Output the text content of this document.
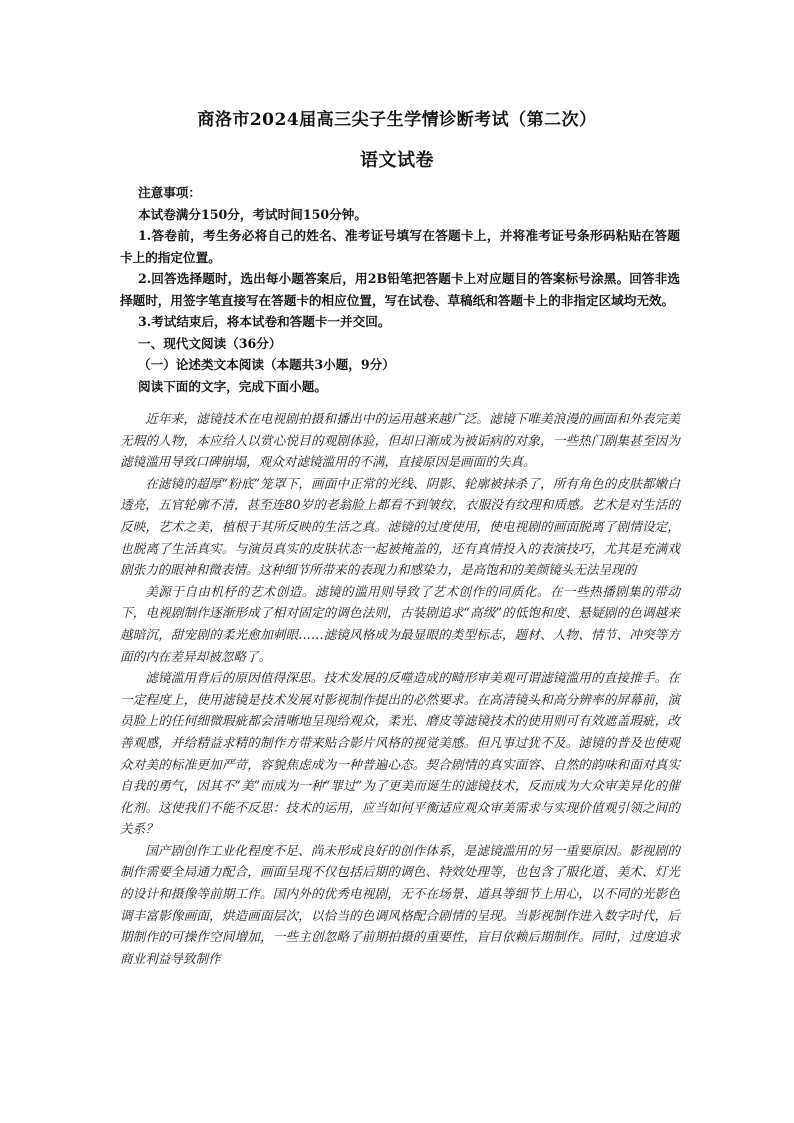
商洛市2024届高三尖子生学情诊断考试（第二次）
语文试卷

注意事项：

本试卷满分150分，考试时间150分钟。

1.答卷前，考生务必将自己的姓名、准考证号填写在答题卡上，并将准考证号条形码粘贴在答题卡上的指定位置。

2.回答选择题时，选出每小题答案后，用2B铅笔把答题卡上对应题目的答案标号涂黑。回答非选择题时，用签字笔直接写在答题卡的相应位置，写在试卷、草稿纸和答题卡上的非指定区域均无效。

3.考试结束后，将本试卷和答题卡一并交回。

一、现代文阅读（36分）

（一）论述类文本阅读（本题共3小题，9分）

阅读下面的文字，完成下面小题。

近年来，滤镜技术在电视剧拍摄和播出中的运用越来越广泛。滤镜下唯美浪漫的画面和外表完美无瑕的人物，本应给人以赏心悦目的观剧体验，但却日渐成为被诟病的对象，一些热门剧集甚至因为滤镜滥用导致口碑崩塌，观众对滤镜滥用的不满，直接原因是画面的失真。

在滤镜的超厚“粉底”笼罩下，画面中正常的光线、阴影、轮廓被抹杀了，所有角色的皮肤都嫩白透亮，五官轮廓不清，甚至连80岁的老翁脸上都看不到皱纹，衣服没有纹理和质感。艺术是对生活的反映，艺术之美，植根于其所反映的生活之真。滤镜的过度使用，使电视剧的画面脱离了剧情设定，也脱离了生活真实。与演员真实的皮肤状态一起被掩盖的，还有真情投入的表演技巧，尤其是充满戏剧张力的眼神和微表情。这种细节所带来的表现力和感染力，是高饱和的美颜镜头无法呈现的

美源于自由机杼的艺术创造。滤镜的滥用则导致了艺术创作的同质化。在一些热播剧集的带动下，电视剧制作逐渐形成了相对固定的调色法则，古装剧追求“高级”的低饱和度、悬疑剧的色调越来越暗沉，甜宠剧的柔光愈加刺眼……滤镜风格成为最显眼的类型标志，题材、人物、情节、冲突等方面的内在差异却被忽略了。

滤镜滥用背后的原因值得深思。技术发展的反噬造成的畸形审美观可谓滤镜滥用的直接推手。在一定程度上，使用滤镜是技术发展对影视制作提出的必然要求。在高清镜头和高分辨率的屏幕前，演员脸上的任何细微瑕疵都会清晰地呈现给观众，柔光、磨皮等滤镜技术的使用则可有效遮盖瑕疵，改善观感，并给精益求精的制作方带来贴合影片风格的视觉美感。但凡事过犹不及。滤镜的普及也使观众对美的标准更加严苛，容貌焦虑成为一种普遍心态。契合剧情的真实面容、自然的韵味和面对真实自我的勇气，因其不“美”而成为一种“罪过”为了更美而诞生的滤镜技术，反而成为大众审美异化的催化剂。这使我们不能不反思：技术的运用，应当如何平衡适应观众审美需求与实现价值观引领之间的关系？

国产剧创作工业化程度不足、尚未形成良好的创作体系，是滤镜滥用的另一重要原因。影视剧的制作需要全局通力配合，画面呈现不仅包括后期的调色、特效处理等，也包含了服化道、美术、灯光的设计和摄像等前期工作。国内外的优秀电视剧，无不在场景、道具等细节上用心，以不同的光影色调丰富影像画面，烘造画面层次，以恰当的色调风格配合剧情的呈现。当影视制作进入数字时代，后期制作的可操作空间增加，一些主创忽略了前期拍摄的重要性，盲目依赖后期制作。同时，过度追求商业利益导致制作
